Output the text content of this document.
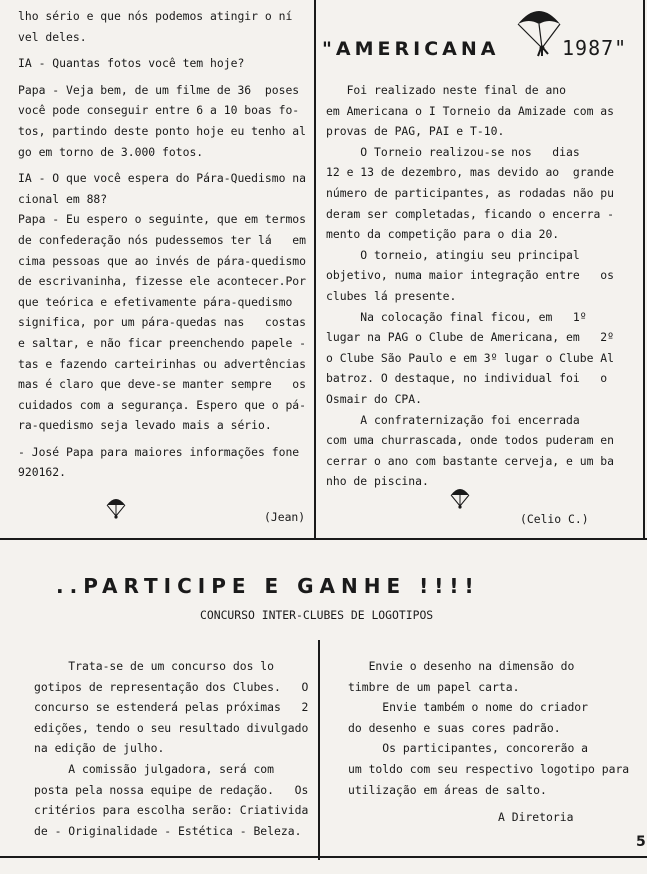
lho sério e que nós podemos atingir o ní

vel deles.

IA - Quantas fotos você tem hoje?

Papa - Veja bem, de um filme de 36  poses

você pode conseguir entre 6 a 10 boas fo-

tos, partindo deste ponto hoje eu tenho al

go em torno de 3.000 fotos.

IA - O que você espera do Pára-Quedismo na

cional em 88?

Papa - Eu espero o seguinte, que em termos

de confederação nós pudessemos ter lá   em

cima pessoas que ao invés de pára-quedismo

de escrivaninha, fizesse ele acontecer.Por

que teórica e efetivamente pára-quedismo

significa, por um pára-quedas nas   costas

e saltar, e não ficar preenchendo papele -

tas e fazendo carteirinhas ou advertências

mas é claro que deve-se manter sempre   os

cuidados com a segurança. Espero que o pá-

ra-quedismo seja levado mais a sério.

- José Papa para maiores informações fone

920162.

(Jean)
"AMERICANA	1987"

Foi realizado neste final de ano

em Americana o I Torneio da Amizade com as

provas de PAG, PAI e T-10.

O Torneio realizou-se nos   dias

12 e 13 de dezembro, mas devido ao  grande

número de participantes, as rodadas não pu

deram ser completadas, ficando o encerra -

mento da competição para o dia 20.

O torneio, atingiu seu principal

objetivo, numa maior integração entre   os

clubes lá presente.

Na colocação final ficou, em   1º

lugar na PAG o Clube de Americana, em   2º

o Clube São Paulo e em 3º lugar o Clube Al

batroz. O destaque, no individual foi   o

Osmair do CPA.

A confraternização foi encerrada

com uma churrascada, onde todos puderam en

cerrar o ano com bastante cerveja, e um ba

nho de piscina.

(Celio C.)
..PARTICIPE E GANHE !!!!
CONCURSO INTER-CLUBES DE LOGOTIPOS

Trata-se de um concurso dos lo

gotipos de representação dos Clubes.   O

concurso se estenderá pelas próximas   2

edições, tendo o seu resultado divulgado

na edição de julho.

A comissão julgadora, será com

posta pela nossa equipe de redação.   Os

critérios para escolha serão: Criativida

de - Originalidade - Estética - Beleza.

Envie o desenho na dimensão do

timbre de um papel carta.

Envie também o nome do criador

do desenho e suas cores padrão.

Os participantes, concorerão a

um toldo com seu respectivo logotipo para

utilização em áreas de salto.

A Diretoria
5
